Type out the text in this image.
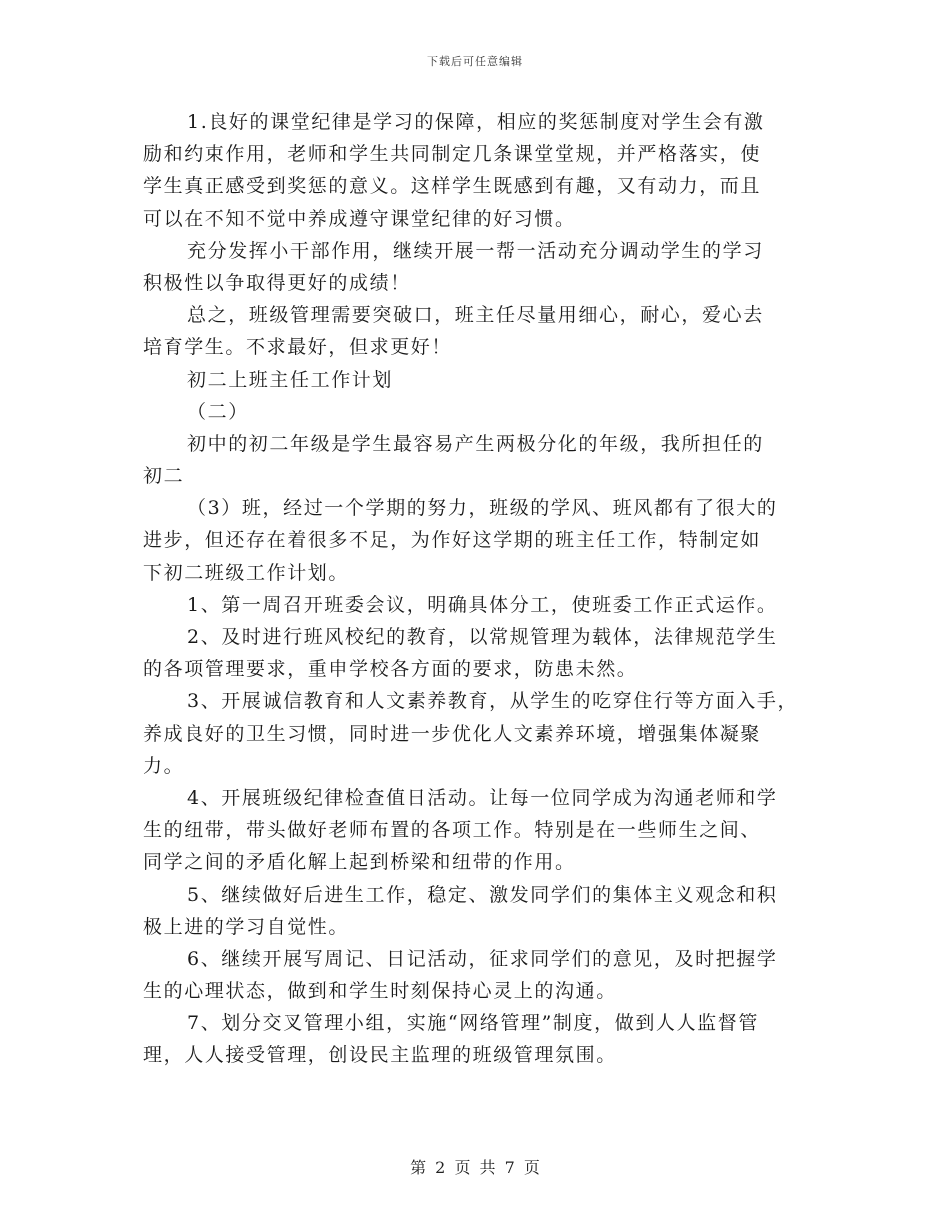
下载后可任意编辑
1.良好的课堂纪律是学习的保障，相应的奖惩制度对学生会有激
励和约束作用，老师和学生共同制定几条课堂堂规，并严格落实，使
学生真正感受到奖惩的意义。这样学生既感到有趣，又有动力，而且
可以在不知不觉中养成遵守课堂纪律的好习惯。
充分发挥小干部作用，继续开展一帮一活动充分调动学生的学习
积极性以争取得更好的成绩！
总之，班级管理需要突破口，班主任尽量用细心，耐心，爱心去
培育学生。不求最好，但求更好！
初二上班主任工作计划
（二）
初中的初二年级是学生最容易产生两极分化的年级，我所担任的
初二
（3）班，经过一个学期的努力，班级的学风、班风都有了很大的
进步，但还存在着很多不足，为作好这学期的班主任工作，特制定如
下初二班级工作计划。
1、第一周召开班委会议，明确具体分工，使班委工作正式运作。
2、及时进行班风校纪的教育，以常规管理为载体，法律规范学生
的各项管理要求，重申学校各方面的要求，防患未然。
3、开展诚信教育和人文素养教育，从学生的吃穿住行等方面入手，
养成良好的卫生习惯，同时进一步优化人文素养环境，增强集体凝聚
力。
4、开展班级纪律检查值日活动。让每一位同学成为沟通老师和学
生的纽带，带头做好老师布置的各项工作。特别是在一些师生之间、
同学之间的矛盾化解上起到桥梁和纽带的作用。
5、继续做好后进生工作，稳定、激发同学们的集体主义观念和积
极上进的学习自觉性。
6、继续开展写周记、日记活动，征求同学们的意见，及时把握学
生的心理状态，做到和学生时刻保持心灵上的沟通。
7、划分交叉管理小组，实施“网络管理”制度，做到人人监督管
理，人人接受管理，创设民主监理的班级管理氛围。
第 2 页 共 7 页
